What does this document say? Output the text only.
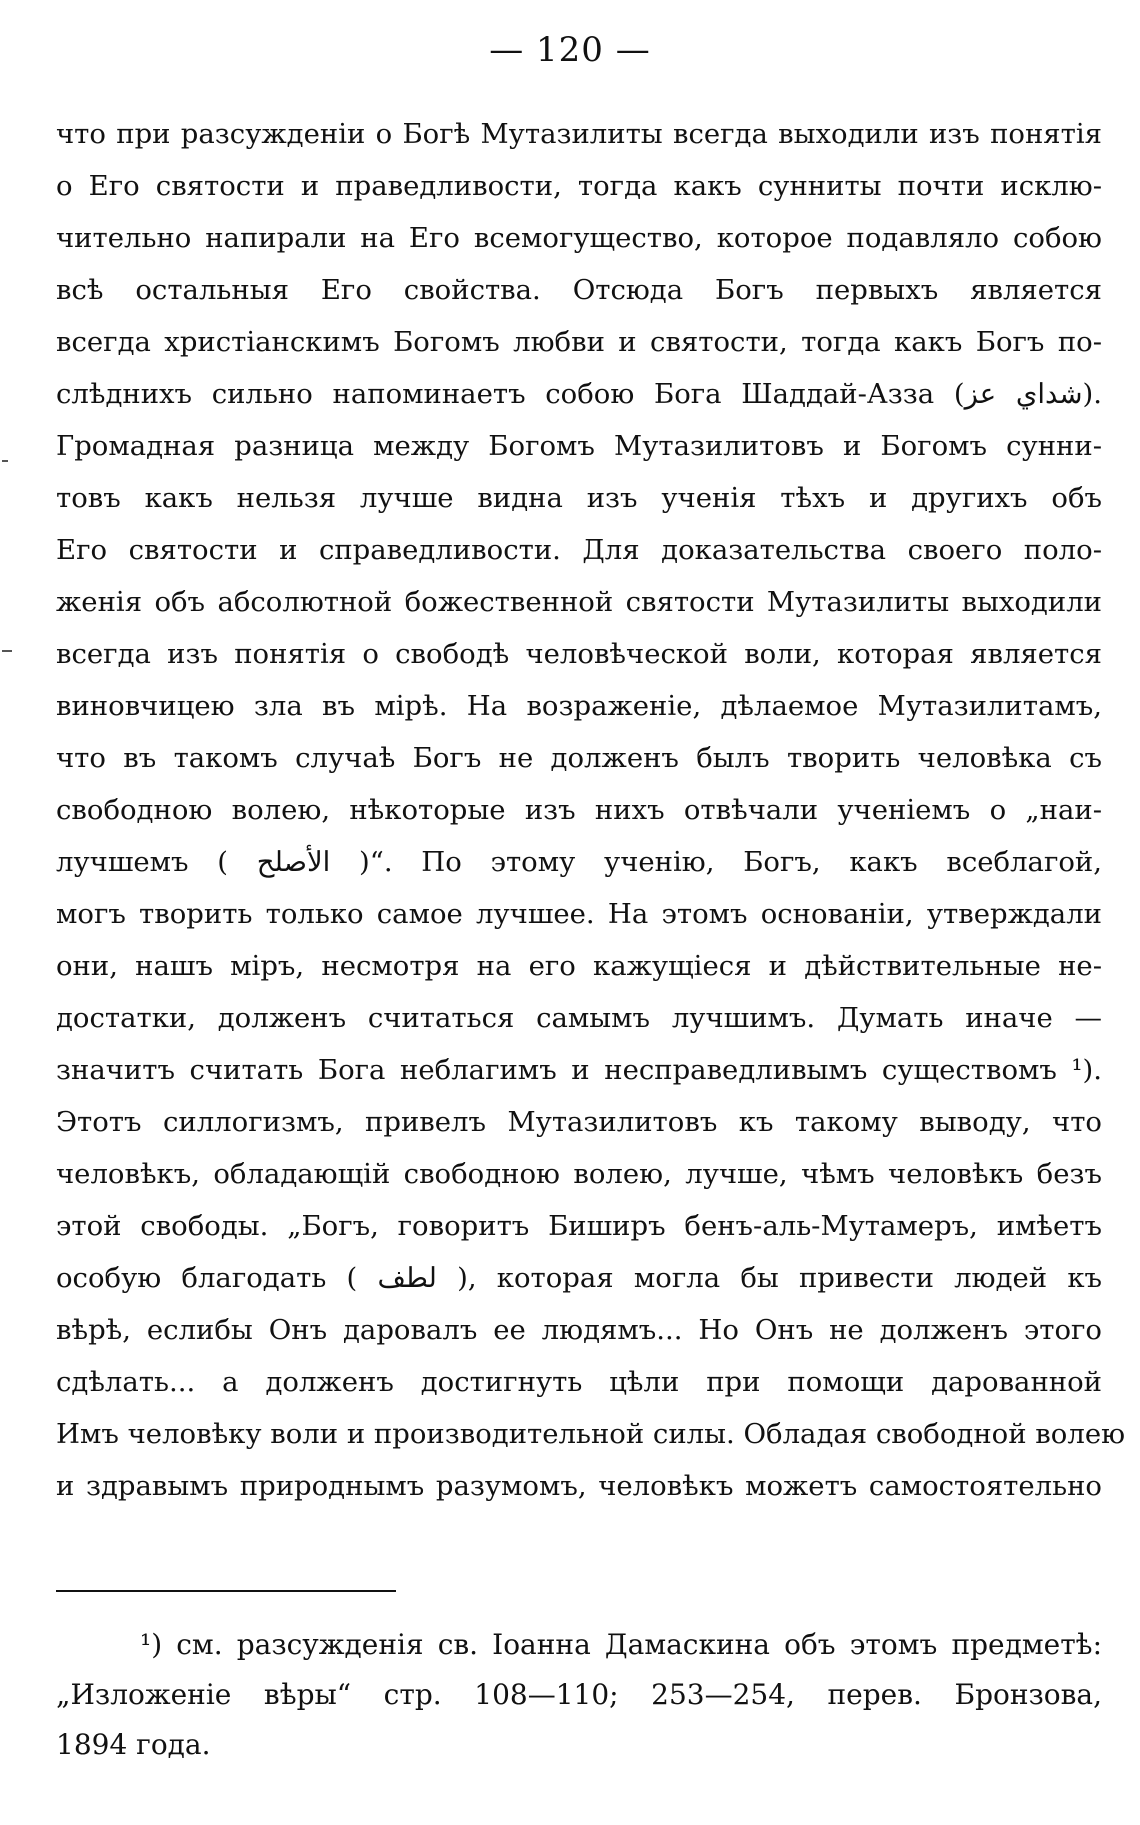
— 120 —
что при разсужденіи о Богѣ Мутазилиты всегда выходили изъ понятія
о Его святости и праведливости, тогда какъ сунниты почти исклю-
чительно напирали на Его всемогущество, которое подавляло собою
всѣ остальныя Его свойства. Отсюда Богъ первыхъ является
всегда христіанскимъ Богомъ любви и святости, тогда какъ Богъ по-
слѣднихъ сильно напоминаетъ собою Бога Шаддай-Азза (شداي عز).
Громадная разница между Богомъ Мутазилитовъ и Богомъ сунни-
товъ какъ нельзя лучше видна изъ ученія тѣхъ и другихъ объ
Его святости и справедливости. Для доказательства своего поло-
женія объ абсолютной божественной святости Мутазилиты выходили
всегда изъ понятія о свободѣ человѣческой воли, которая является
виновчицею зла въ мірѣ. На возраженіе, дѣлаемое Мутазилитамъ,
что въ такомъ случаѣ Богъ не долженъ былъ творить человѣка съ
свободною волею, нѣкоторые изъ нихъ отвѣчали ученіемъ о „наи-
лучшемъ ( الأصلح )“. По этому ученію, Богъ, какъ всеблагой,
могъ творить только самое лучшее. На этомъ основаніи, утверждали
они, нашъ міръ, несмотря на его кажущіеся и дѣйствительные не-
достатки, долженъ считаться самымъ лучшимъ. Думать иначе —
значитъ считать Бога неблагимъ и несправедливымъ существомъ ¹).
Этотъ силлогизмъ, привелъ Мутазилитовъ къ такому выводу, что
человѣкъ, обладающій свободною волею, лучше, чѣмъ человѣкъ безъ
этой свободы. „Богъ, говоритъ Биширъ бенъ-аль-Мутамеръ, имѣетъ
особую благодать ( لطف ), которая могла бы привести людей къ
вѣрѣ, еслибы Онъ даровалъ ее людямъ... Но Онъ не долженъ этого
сдѣлать... а долженъ достигнуть цѣли при помощи дарованной
Имъ человѣку воли и производительной силы. Обладая свободной волею
и здравымъ природнымъ разумомъ, человѣкъ можетъ самостоятельно
¹) см. разсужденія св. Іоанна Дамаскина объ этомъ предметѣ:
„Изложеніе вѣры“ стр. 108—110; 253—254, перев. Бронзова,
1894 года.
